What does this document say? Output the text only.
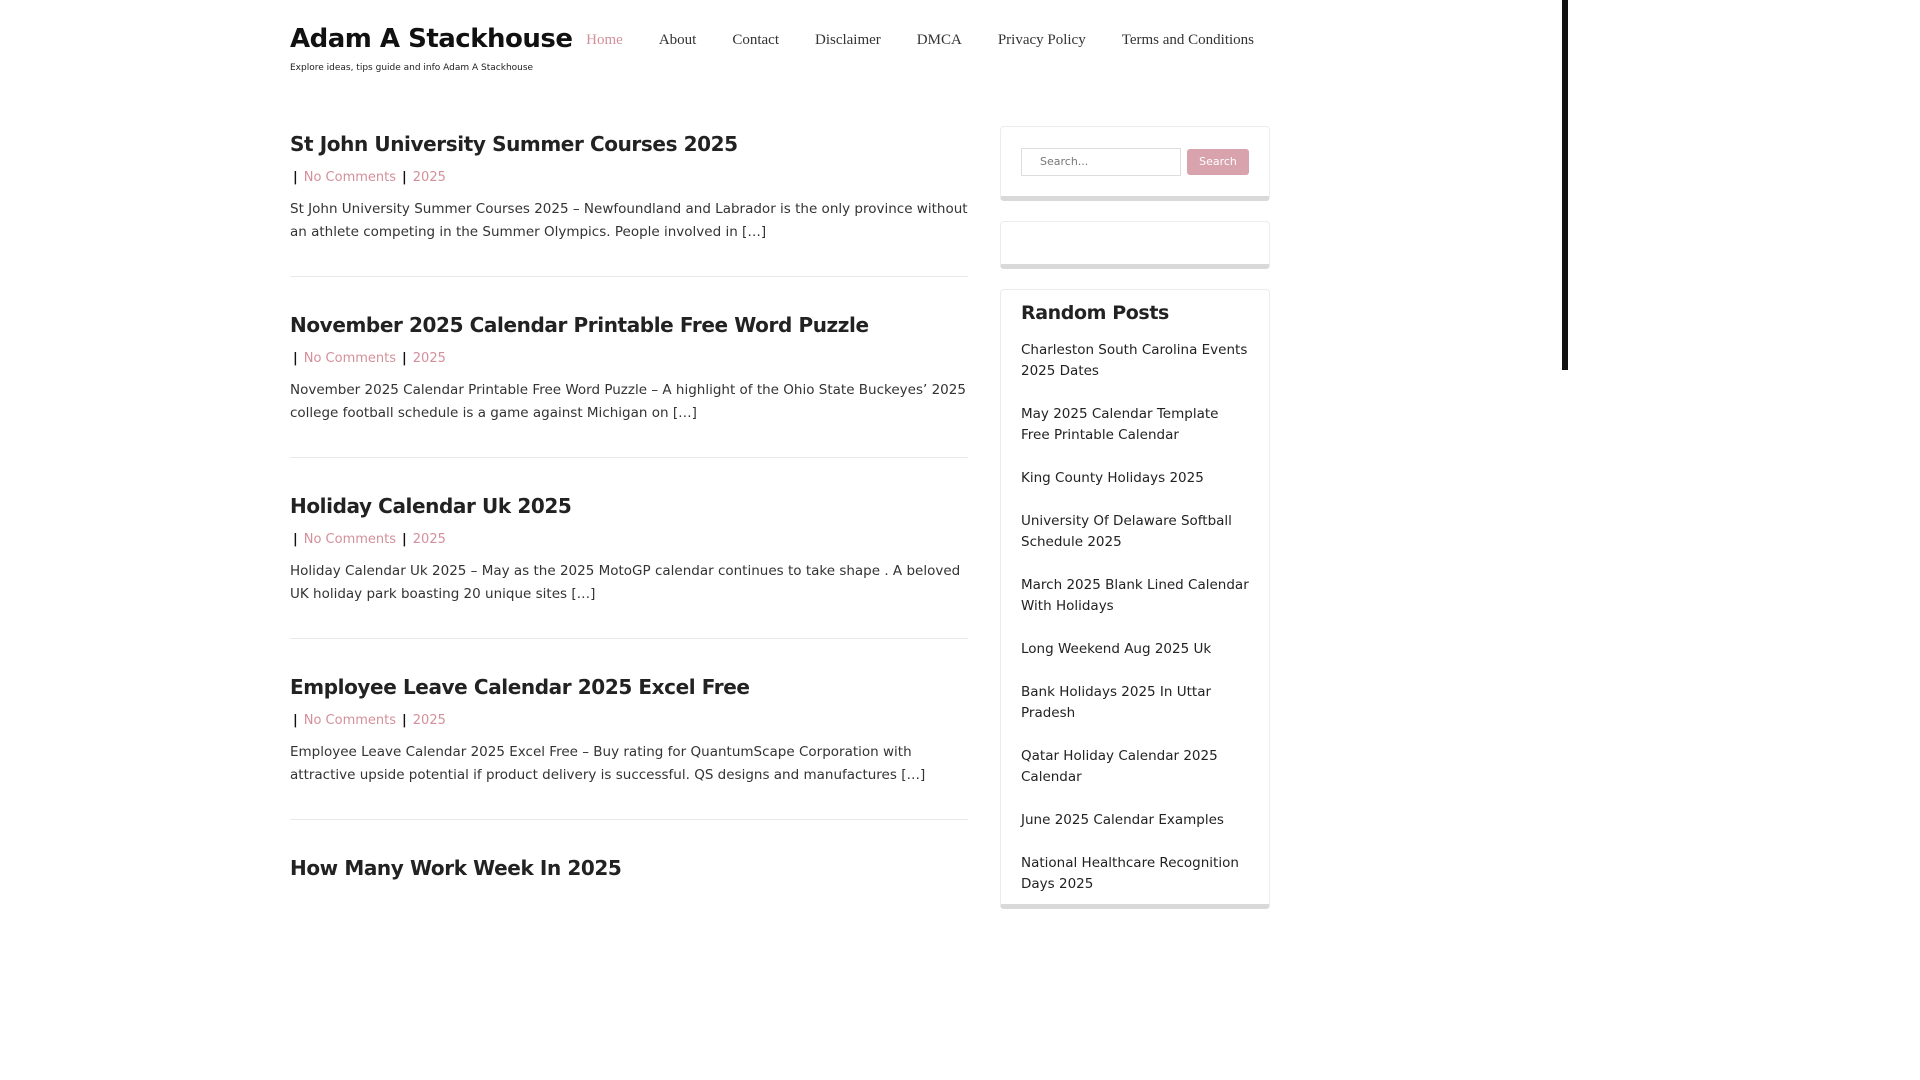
Adam A Stackhouse
Explore ideas, tips guide and info Adam A Stackhouse
Home About Contact Disclaimer DMCA Privacy Policy Terms and Conditions
St John University Summer Courses 2025
| No Comments | 2025

St John University Summer Courses 2025 – Newfoundland and Labrador is the only province without an athlete competing in the Summer Olympics. People involved in […]

November 2025 Calendar Printable Free Word Puzzle
| No Comments | 2025

November 2025 Calendar Printable Free Word Puzzle – A highlight of the Ohio State Buckeyes’ 2025 college football schedule is a game against Michigan on […]

Holiday Calendar Uk 2025
| No Comments | 2025

Holiday Calendar Uk 2025 – May as the 2025 MotoGP calendar continues to take shape . A beloved UK holiday park boasting 20 unique sites […]

Employee Leave Calendar 2025 Excel Free
| No Comments | 2025

Employee Leave Calendar 2025 Excel Free – Buy rating for QuantumScape Corporation with attractive upside potential if product delivery is successful. QS designs and manufactures […]

How Many Work Week In 2025
Search...
Search
Random Posts
Charleston South Carolina Events 2025 Dates
May 2025 Calendar Template Free Printable Calendar
King County Holidays 2025
University Of Delaware Softball Schedule 2025
March 2025 Blank Lined Calendar With Holidays
Long Weekend Aug 2025 Uk
Bank Holidays 2025 In Uttar Pradesh
Qatar Holiday Calendar 2025 Calendar
June 2025 Calendar Examples
National Healthcare Recognition Days 2025
